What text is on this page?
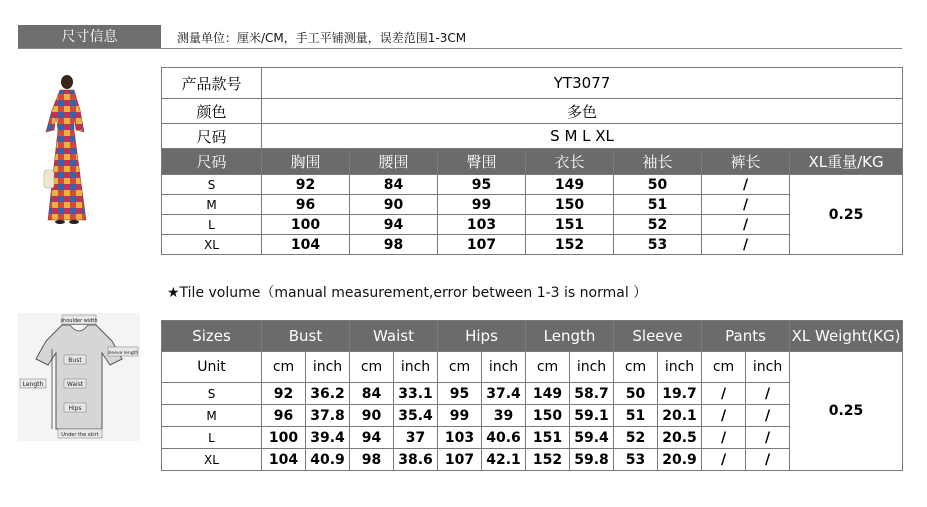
尺寸信息	测量单位：厘米/CM，手工平铺测量，误差范围1-3CM
产品款号	YT3077						
颜色	多色						
尺码	S M L XL						
尺码	胸围	腰围	臀围	衣长	袖长	裤长	XL重量/KG
S	92	84	95	149	50	/	0.25
M	96	90	99	150	51	/	
L	100	94	103	151	52	/	
XL	104	98	107	152	53	/	
★Tile volume（manual measurement,error between 1-3 is normal ）
shoulder width
Bust
sleeve length
Length	Waist
Hips
Under the skirt
Sizes	Bust		Waist		Hips		Length		Sleeve		Pants		XL Weight(KG)
Unit	cm	inch	cm	inch	cm	inch	cm	inch	cm	inch	cm	inch	0.25
S	92	36.2	84	33.1	95	37.4	149	58.7	50	19.7	/	/	
M	96	37.8	90	35.4	99	39	150	59.1	51	20.1	/	/	
L	100	39.4	94	37	103	40.6	151	59.4	52	20.5	/	/	
XL	104	40.9	98	38.6	107	42.1	152	59.8	53	20.9	/	/	
